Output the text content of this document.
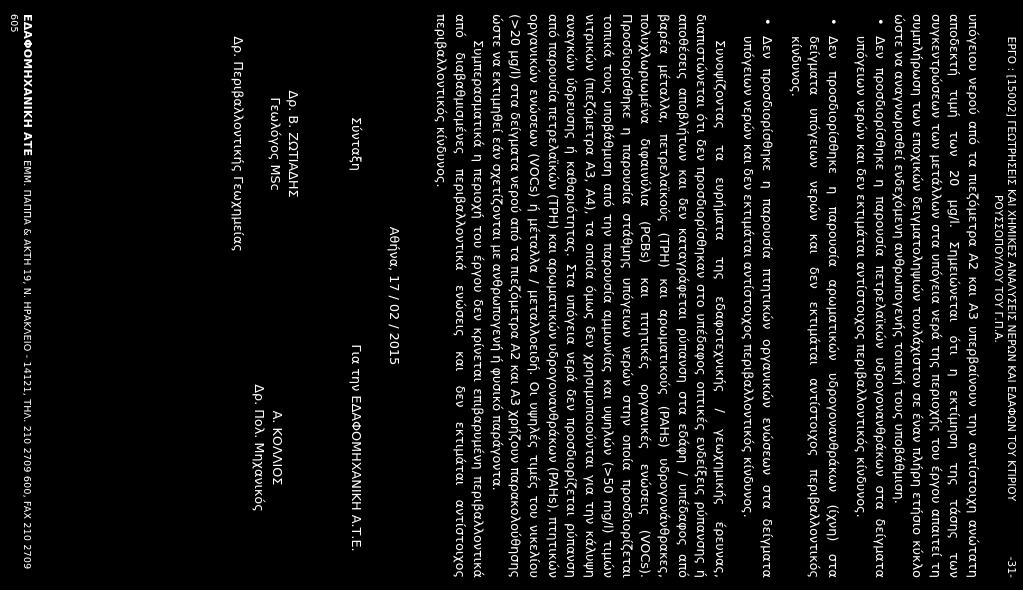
ΕΡΓΟ : [15002] ΓΕΩΤΡΗΣΕΙΣ ΚΑΙ ΧΗΜΙΚΕΣ ΑΝΑΛΥΣΕΙΣ ΝΕΡΩΝ ΚΑΙ ΕΔΑΦΩΝ ΤΟΥ ΚΤΙΡΙΟΥ ΡΟΥΣΣΟΠΟΥΛΟΥ ΤΟΥ Γ.Π.Α.
-31-

υπόγειου νερού από τα πιεζόμετρα Α2 και Α3 υπερβαίνουν την αντίστοιχη ανώτατη αποδεκτή τιμή των 20 μg/l. Σημειώνεται ότι η εκτίμηση της τάσης των συγκεντρώσεων των μετάλλων στα υπόγεια νερά της περιοχής του έργου απαιτεί τη συμπλήρωση των εποχικών δειγματοληψιών τουλάχιστον σε έναν πλήρη ετήσιο κύκλο ώστε να αναγνωρισθεί ενδεχόμενη ανθρωπογενής τοπική τους υποβάθμιση.

• Δεν προσδιορίσθηκε η παρουσία πετρελαϊκών υδρογονανθράκων στα δείγματα υπόγειων νερών και δεν εκτιμάται αντίστοιχος περιβαλλοντικός κίνδυνος.
• Δεν προσδιορίσθηκε η παρουσία αρωματικών υδρογονανθράκων (ίχνη) στα δείγματα υπόγειων νερών και δεν εκτιμάται αντίστοιχος περιβαλλοντικός κίνδυνος.
• Δεν προσδιορίσθηκε η παρουσία πτητικών οργανικών ενώσεων στα δείγματα υπόγειων νερών και δεν εκτιμάται αντίστοιχος περιβαλλοντικός κίνδυνος.

Συνοψίζοντας τα ευρήματα της εδαφοτεχνικής / γεωχημικής έρευνας, διαπιστώνεται ότι δεν προσδιορίσθηκαν στο υπέδαφος οπτικές ενδείξεις ρύπανσης ή αποθέσεις αποβλήτων και δεν καταγράφεται ρύπανση στα εδάφη / υπέδαφος από βαρέα μέταλλα, πετρελαϊκούς (TPH) και αρωματικούς (PAHs) υδρογονάνθρακες, πολυχλωριωμένα διφαινύλια (PCBs) και πτητικές οργανικές ενώσεις (VOCs). Προσδιορίσθηκε η παρουσία στάθμης υπόγειων νερών στην οποία προσδιορίζεται τοπικά τους υποβάθμιση από την παρουσία αμμωνίας και υψηλών (>50 mg/l) τιμών νιτρικών (πιεζόμετρα Α3, Α4), τα οποία όμως δεν χρησιμοποιούνται για την κάλυψη αναγκών ύδρευσης ή καθαριότητας. Στα υπόγεια νερά δεν προσδιορίζεται ρύπανση από παρουσία πετρελαϊκών (TPH) και αρωματικών υδρογονανθράκων (PAHs), πτητικών οργανικών ενώσεων (VOCs) ή μέταλλα / μεταλλοειδή. Οι υψηλές τιμές του νικελίου (>20 μg/l) στα δείγματα νερού από τα πιεζόμετρα Α2 και Α3 χρήζουν παρακολούθησης ώστε να εκτιμηθεί εάν σχετίζονται με ανθρωπογενή ή φυσικό παράγοντα.

Συμπερασματικά η περιοχή του έργου δεν κρίνεται επιβαρυμένη περιβαλλοντικά από διαβαθμισμένες περιβαλλοντικά ενώσεις και δεν εκτιμάται αντίστοιχος περιβαλλοντικός κίνδυνος.

Αθήνα, 17 / 02 / 2015
Σύνταξη
Δρ. Β. ΖΩΤΙΑΔΗΣ
Γεωλόγος MSc
Δρ. Περιβαλλοντικής Γεωχημείας
Για την ΕΔΑΦΟΜΗΧΑΝΙΚΗ Α.Τ.Ε.
Α. ΚΟΛΛΙΟΣ
Δρ. Πολ. Μηχανικός
ΕΔΑΦΟΜΗΧΑΝΙΚΗ ΑΤΕ ΕΜΜ. ΠΑΠΠΑ & ΑΚΤΗ 19, Ν. ΗΡΑΚΛΕΙΟ - 14121, ΤΗΛ. 210 2709 600, FAX 210 2709 605
